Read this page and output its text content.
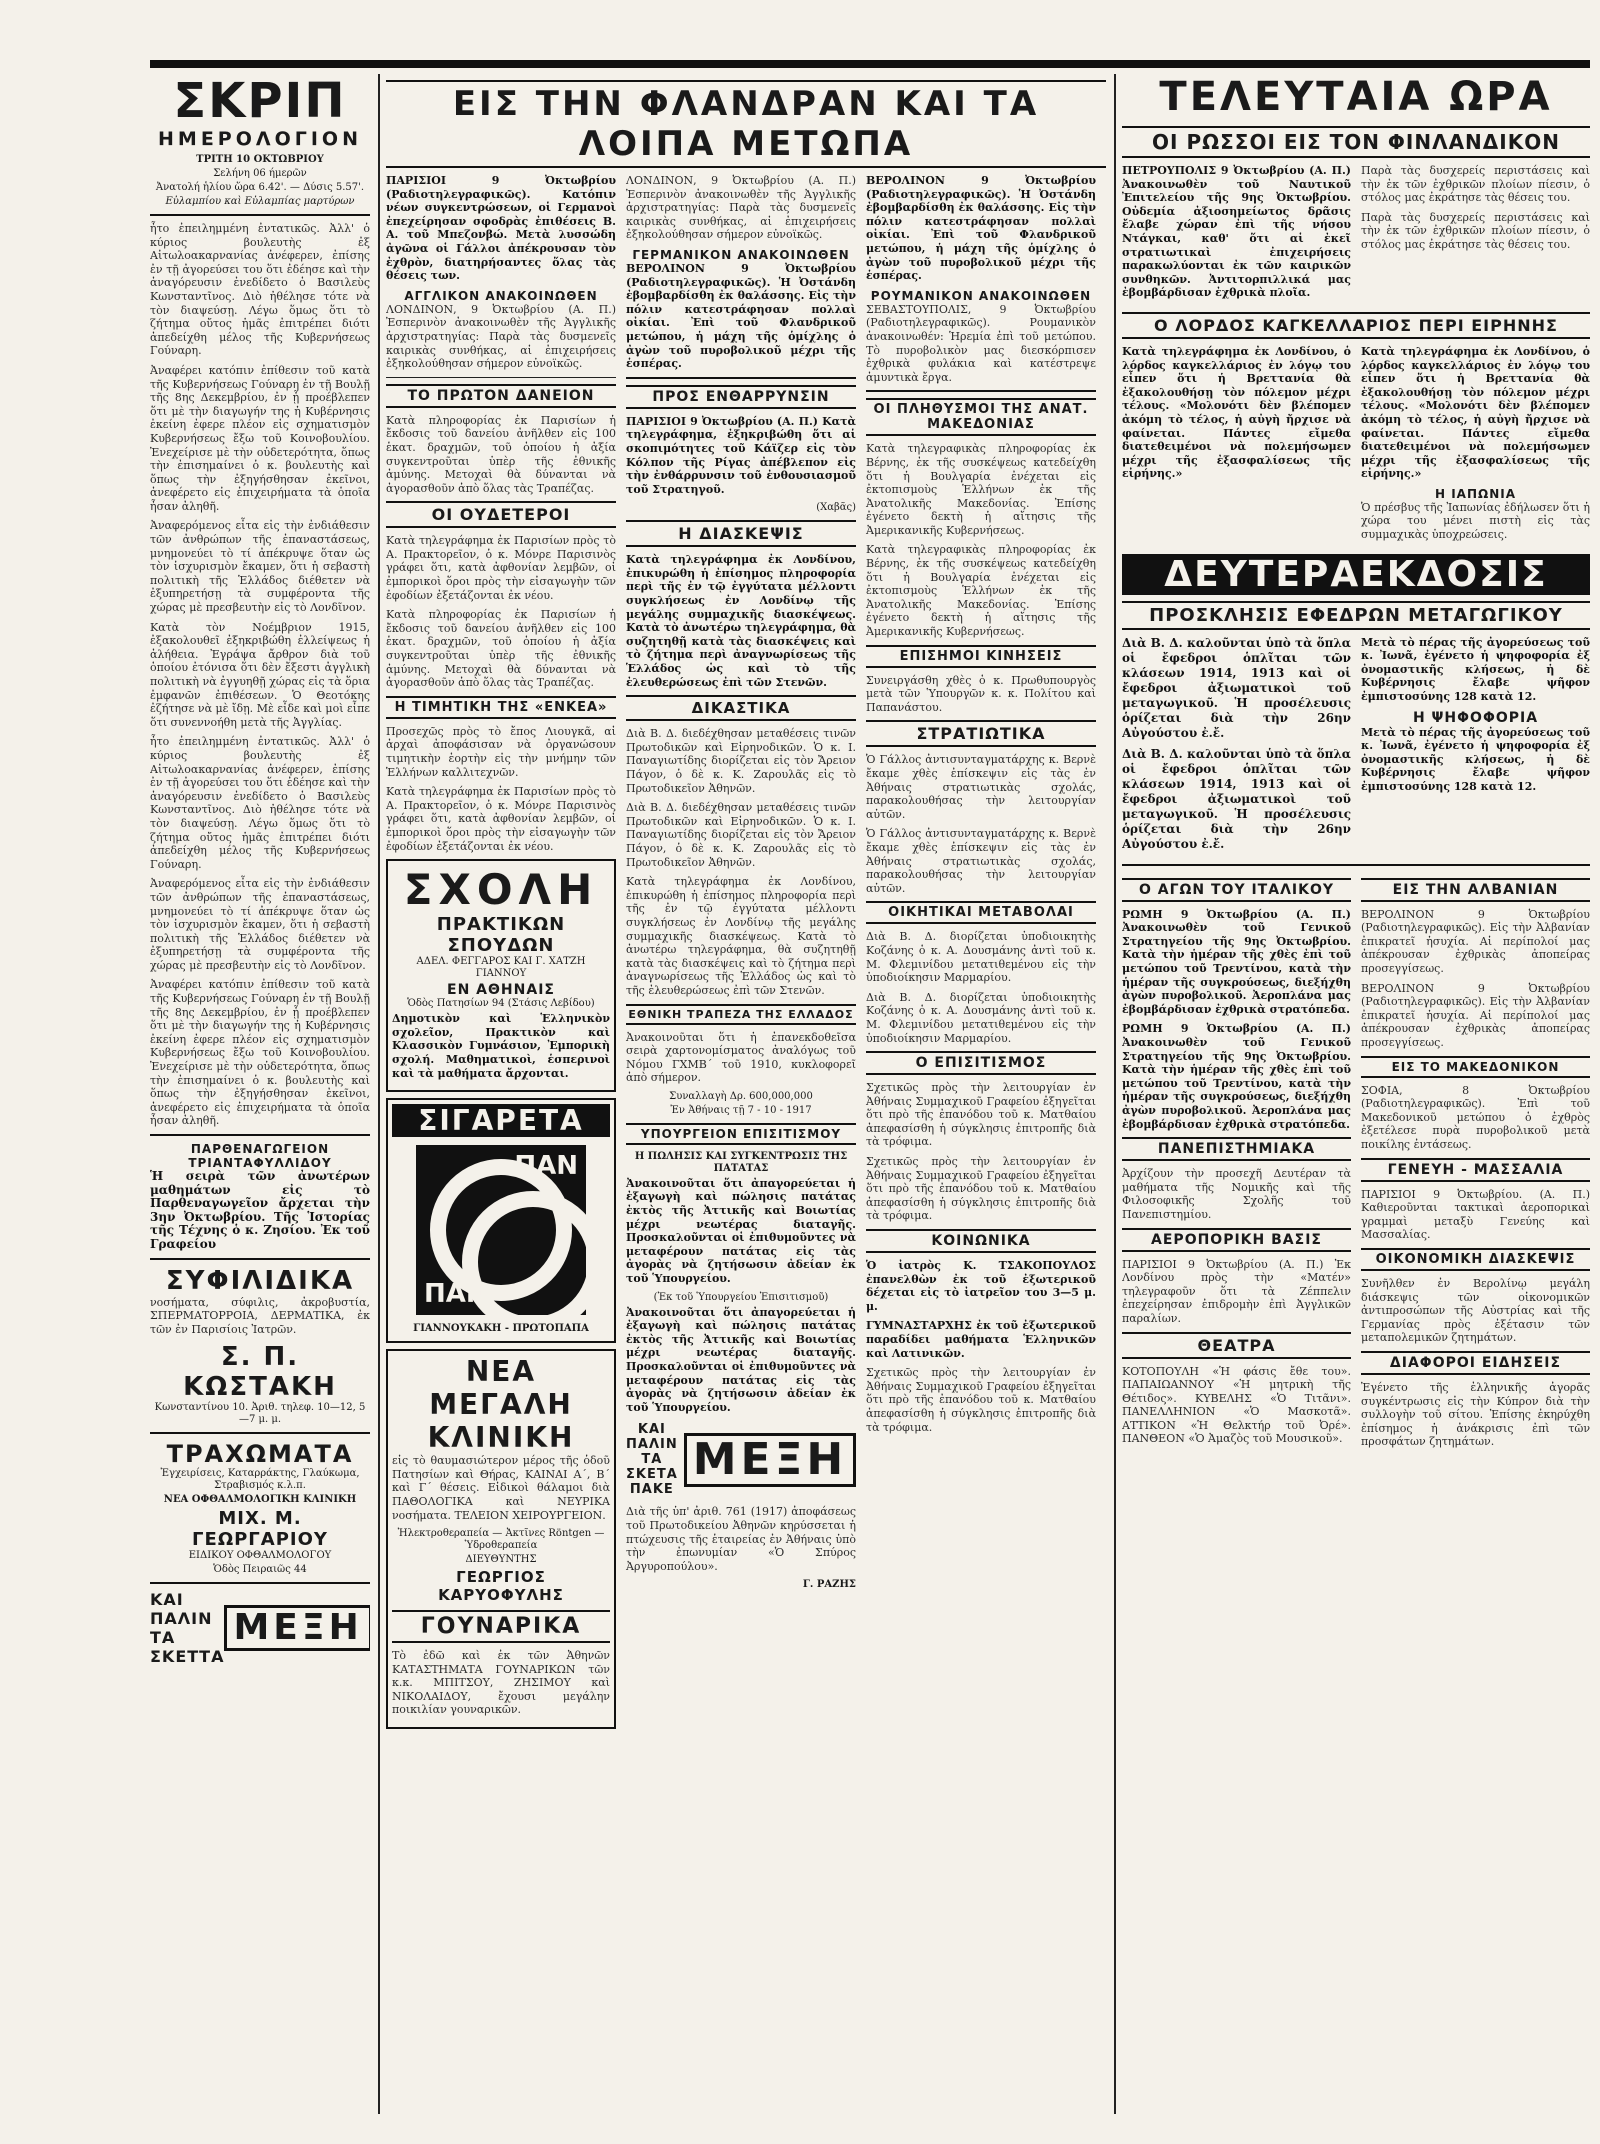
ΣΚΡΙΠ
ΗΜΕΡΟΛΟΓΙΟΝ
ΤΡΙΤΗ 10 ΟΚΤΩΒΡΙΟΥ
Σελήνη 06 ήμερῶν
Ἀνατολή ἡλίου ὥρα 6.42'. — Δύσις 5.57'.
Εὐλαμπίου καὶ Εὐλαμπίας μαρτύρων

ἦτο ἐπειλημμένη ἐντατικῶς. Ἀλλ' ὁ κύριος βουλευτὴς ἐξ Αἰτωλοακαρνανίας ἀνέφερεν, ἐπίσης ἐν τῇ ἀγορεύσει του ὅτι ἐδέησε καὶ τὴν ἀναγόρευσιν ἐνεδίδετο ὁ Βασιλεὺς Κωνσταντῖνος. Διὸ ἠθέλησε τότε νὰ τὸν διαψεύσῃ. Λέγω ὅμως ὅτι τὸ ζήτημα οὔτος ἡμᾶς ἐπιτρέπει διότι ἀπεδείχθη μέλος τῆς Κυβερνήσεως Γούναρη.

Ἀναφέρει κατόπιν ἐπίθεσιν τοῦ κατὰ τῆς Κυβερνήσεως Γούναρη ἐν τῇ Βουλῇ τῆς 8ης Δεκεμβρίου, ἐν ᾗ προέβλεπεν ὅτι μὲ τὴν διαγωγήν της ἡ Κυβέρνησις ἐκείνη ἐφερε πλέον εἰς σχηματισμὸν Κυβερνήσεως ἔξω τοῦ Κοινοβουλίου. Ἐνεχείρισε μὲ τὴν οὐδετερότητα, ὅπως τὴν ἐπισημαίνει ὁ κ. βουλευτὴς καὶ ὅπως τὴν ἐξηγήσθησαν ἐκεῖνοι, ἀνεφέρετο εἰς ἐπιχειρήματα τὰ ὁποῖα ἦσαν ἀληθῆ.

Ἀναφερόμενος εἶτα εἰς τὴν ἐνδιάθεσιν τῶν ἀνθρώπων τῆς ἐπαναστάσεως, μνημονεύει τὸ τί ἀπέκρυψε ὅταν ὡς τὸν ἰσχυρισμὸν ἔκαμεν, ὅτι ἡ σεβαστὴ πολιτικὴ τῆς Ἑλλάδος διέθετεν νὰ ἐξυπηρετήσῃ τὰ συμφέροντα τῆς χώρας μὲ πρεσβευτὴν εἰς τὸ Λονδῖνον.

Κατὰ τὸν Νοέμβριον 1915, ἐξακολουθεῖ ἐξηκριβώθη ἐλλείψεως ἡ ἀλήθεια. Ἐγράψα ἄρθρον διὰ τοῦ ὁποίου ἐτόνισα ὅτι δὲν ἔξεστι ἀγγλικὴ πολιτικὴ νὰ ἐγγυηθῇ χώρας εἰς τὰ ὅρια ἐμφανῶν ἐπιθέσεων. Ὁ Θεοτόκης ἐζήτησε νὰ μὲ ἴδῃ. Μὲ εἶδε καὶ μοὶ εἶπε ὅτι συνεννοήθη μετὰ τῆς Ἀγγλίας.

ἦτο ἐπειλημμένη ἐντατικῶς. Ἀλλ' ὁ κύριος βουλευτὴς ἐξ Αἰτωλοακαρνανίας ἀνέφερεν, ἐπίσης ἐν τῇ ἀγορεύσει του ὅτι ἐδέησε καὶ τὴν ἀναγόρευσιν ἐνεδίδετο ὁ Βασιλεὺς Κωνσταντῖνος. Διὸ ἠθέλησε τότε νὰ τὸν διαψεύσῃ. Λέγω ὅμως ὅτι τὸ ζήτημα οὔτος ἡμᾶς ἐπιτρέπει διότι ἀπεδείχθη μέλος τῆς Κυβερνήσεως Γούναρη.

Ἀναφερόμενος εἶτα εἰς τὴν ἐνδιάθεσιν τῶν ἀνθρώπων τῆς ἐπαναστάσεως, μνημονεύει τὸ τί ἀπέκρυψε ὅταν ὡς τὸν ἰσχυρισμὸν ἔκαμεν, ὅτι ἡ σεβαστὴ πολιτικὴ τῆς Ἑλλάδος διέθετεν νὰ ἐξυπηρετήσῃ τὰ συμφέροντα τῆς χώρας μὲ πρεσβευτὴν εἰς τὸ Λονδῖνον.

Ἀναφέρει κατόπιν ἐπίθεσιν τοῦ κατὰ τῆς Κυβερνήσεως Γούναρη ἐν τῇ Βουλῇ τῆς 8ης Δεκεμβρίου, ἐν ᾗ προέβλεπεν ὅτι μὲ τὴν διαγωγήν της ἡ Κυβέρνησις ἐκείνη ἐφερε πλέον εἰς σχηματισμὸν Κυβερνήσεως ἔξω τοῦ Κοινοβουλίου. Ἐνεχείρισε μὲ τὴν οὐδετερότητα, ὅπως τὴν ἐπισημαίνει ὁ κ. βουλευτὴς καὶ ὅπως τὴν ἐξηγήσθησαν ἐκεῖνοι, ἀνεφέρετο εἰς ἐπιχειρήματα τὰ ὁποῖα ἦσαν ἀληθῆ.

ΠΑΡΘΕΝΑΓΩΓΕΙΟΝ ΤΡΙΑΝΤΑΦΥΛΛΙΔΟΥ

Ἡ σειρὰ τῶν ἀνωτέρων μαθημάτων εἰς τὸ Παρθεναγωγεῖον ἄρχεται τὴν 3ην Ὀκτωβρίου. Τῆς Ἱστορίας τῆς Τέχνης ὁ κ. Ζησίου. Ἐκ τοῦ Γραφείου

ΣΥΦΙΛΙΔΙΚΑ

νοσήματα, σύφιλις, ἀκροβυστία, ΣΠΕΡΜΑΤΟΡΡΟΙΑ, ΔΕΡΜΑΤΙΚΑ, ἐκ τῶν ἐν Παρισίοις Ἰατρῶν.

Σ. Π. ΚΩΣΤΑΚΗ
Κωνσταντίνου 10. Ἀριθ. τηλεφ. 10—12, 5—7 μ. μ.
ΤΡΑΧΩΜΑΤΑ
Ἐγχειρίσεις, Καταρράκτης, Γλαύκωμα, Στραβισμός κ.λ.π.
ΝΕΑ ΟΦΘΑΛΜΟΛΟΓΙΚΗ ΚΛΙΝΙΚΗ
ΜΙΧ. Μ. ΓΕΩΡΓΑΡΙΟΥ
ΕΙΔΙΚΟΥ ΟΦΘΑΛΜΟΛΟΓΟΥ
Ὁδὸς Πειραιῶς 44
ΚΑΙ ΠΑΛΙΝ ΤΑ ΣΚΕΤΤΑ
ΜΕΞΗ
ΕΙΣ ΤΗΝ ΦΛΑΝΔΡΑΝ ΚΑΙ ΤΑ ΛΟΙΠΑ ΜΕΤΩΠΑ

ΠΑΡΙΣΙΟΙ 9 Ὀκτωβρίου (Ραδιοτηλεγραφικῶς). Κατόπιν νέων συγκεντρώσεων, οἱ Γερμανοὶ ἐπεχείρησαν σφοδρὰς ἐπιθέσεις Β. Α. τοῦ Μπεζονβώ. Μετὰ λυσσώδη ἀγῶνα οἱ Γάλλοι ἀπέκρουσαν τὸν ἐχθρὸν, διατηρήσαντες ὅλας τὰς θέσεις των.

ΑΓΓΛΙΚΟΝ ΑΝΑΚΟΙΝΩΘΕΝ

ΛΟΝΔΙΝΟΝ, 9 Ὀκτωβρίου (Α. Π.) Ἐσπερινὸν ἀνακοινωθὲν τῆς Ἀγγλικῆς ἀρχιστρατηγίας: Παρὰ τὰς δυσμενεῖς καιρικὰς συνθήκας, αἱ ἐπιχειρήσεις ἐξηκολούθησαν σήμερον εὐνοϊκῶς.

ΤΟ ΠΡΩΤΟΝ ΔΑΝΕΙΟΝ

Κατὰ πληροφορίας ἐκ Παρισίων ἡ ἔκδοσις τοῦ δανείου ἀνῆλθεν εἰς 100 ἑκατ. δραχμῶν, τοῦ ὁποίου ἡ ἀξία συγκεντροῦται ὑπὲρ τῆς ἐθνικῆς ἀμύνης. Μετοχαὶ θὰ δύνανται νὰ ἀγορασθοῦν ἀπὸ ὅλας τὰς Τραπέζας.

ΟΙ ΟΥΔΕΤΕΡΟΙ

Κατὰ τηλεγράφημα ἐκ Παρισίων πρὸς τὸ Α. Πρακτορεῖον, ὁ κ. Μόνρε Παρισινὸς γράφει ὅτι, κατὰ ἀφθονίαν λεμβῶν, οἱ ἐμπορικοὶ ὅροι πρὸς τὴν εἰσαγωγὴν τῶν ἐφοδίων ἐξετάζονται ἐκ νέου.

Κατὰ πληροφορίας ἐκ Παρισίων ἡ ἔκδοσις τοῦ δανείου ἀνῆλθεν εἰς 100 ἑκατ. δραχμῶν, τοῦ ὁποίου ἡ ἀξία συγκεντροῦται ὑπὲρ τῆς ἐθνικῆς ἀμύνης. Μετοχαὶ θὰ δύνανται νὰ ἀγορασθοῦν ἀπὸ ὅλας τὰς Τραπέζας.

Η ΤΙΜΗΤΙΚΗ ΤΗΣ «ΕΝΚΕΑ»

Προσεχῶς πρὸς τὸ ἔπος Λιουγκᾶ, αἱ ἀρχαὶ ἀποφάσισαν νὰ ὀργανώσουν τιμητικὴν ἑορτὴν εἰς τὴν μνήμην τῶν Ἑλλήνων καλλιτεχνῶν.

Κατὰ τηλεγράφημα ἐκ Παρισίων πρὸς τὸ Α. Πρακτορεῖον, ὁ κ. Μόνρε Παρισινὸς γράφει ὅτι, κατὰ ἀφθονίαν λεμβῶν, οἱ ἐμπορικοὶ ὅροι πρὸς τὴν εἰσαγωγὴν τῶν ἐφοδίων ἐξετάζονται ἐκ νέου.

ΣΧΟΛΗ
ΠΡΑΚΤΙΚΩΝ ΣΠΟΥΔΩΝ
ΑΔΕΛ. ΦΕΓΓΑΡΟΣ ΚΑΙ Γ. ΧΑΤΖΗ ΓΙΑΝΝΟΥ
ΕΝ ΑΘΗΝΑΙΣ
Ὁδὸς Πατησίων 94 (Στάσις Λεβίδου)

Δημοτικὸν καὶ Ἑλληνικὸν σχολεῖον, Πρακτικὸν καὶ Κλασσικὸν Γυμνάσιον, Ἐμπορικὴ σχολή. Μαθηματικοὶ, ἑσπερινοὶ καὶ τὰ μαθήματα ἄρχονται.

ΣΙΓΑΡΕΤΑ
ΠΑΝ
ΠΑΝ
ΓΙΑΝΝΟΥΚΑΚΗ - ΠΡΩΤΟΠΑΠΑ
ΝΕΑ ΜΕΓΑΛΗ ΚΛΙΝΙΚΗ

εἰς τὸ θαυμασιώτερον μέρος τῆς ὁδοῦ Πατησίων καὶ Θήρας, ΚΑΙΝΑΙ Α΄, Β΄ καὶ Γ΄ θέσεις. Εἰδικοὶ θάλαμοι διὰ ΠΑΘΟΛΟΓΙΚΑ καὶ ΝΕΥΡΙΚΑ νοσήματα. ΤΕΛΕΙΟΝ ΧΕΙΡΟΥΡΓΕΙΟΝ.

Ἠλεκτροθεραπεία — Ἀκτῖνες Röntgen — Ὑδροθεραπεία
ΔΙΕΥΘΥΝΤΗΣ
ΓΕΩΡΓΙΟΣ ΚΑΡΥΟΦΥΛΗΣ
ΓΟΥΝΑΡΙΚΑ

Τὸ ἐδῶ καὶ ἐκ τῶν Ἀθηνῶν ΚΑΤΑΣΤΗΜΑΤΑ ΓΟΥΝΑΡΙΚΩΝ τῶν κ.κ. ΜΠΙΤΣΟΥ, ΖΗΣΙΜΟΥ καὶ ΝΙΚΟΛΑΙΔΟΥ, ἔχουσι μεγάλην ποικιλίαν γουναρικῶν.

ΛΟΝΔΙΝΟΝ, 9 Ὀκτωβρίου (Α. Π.) Ἐσπερινὸν ἀνακοινωθὲν τῆς Ἀγγλικῆς ἀρχιστρατηγίας: Παρὰ τὰς δυσμενεῖς καιρικὰς συνθήκας, αἱ ἐπιχειρήσεις ἐξηκολούθησαν σήμερον εὐνοϊκῶς.

ΓΕΡΜΑΝΙΚΟΝ ΑΝΑΚΟΙΝΩΘΕΝ

ΒΕΡΟΛΙΝΟΝ 9 Ὀκτωβρίου (Ραδιοτηλεγραφικῶς). Ἡ Ὀστάνδη ἐβομβαρδίσθη ἐκ θαλάσσης. Εἰς τὴν πόλιν κατεστράφησαν πολλαὶ οἰκίαι. Ἐπὶ τοῦ Φλανδρικοῦ μετώπου, ἡ μάχη τῆς ὁμίχλης ὁ ἀγὼν τοῦ πυροβολικοῦ μέχρι τῆς ἑσπέρας.

ΠΡΟΣ ΕΝΘΑΡΡΥΝΣΙΝ

ΠΑΡΙΣΙΟΙ 9 Ὀκτωβρίου (Α. Π.) Κατὰ τηλεγράφημα, ἐξηκριβώθη ὅτι αἱ σκοπιμότητες τοῦ Κάϊζερ εἰς τὸν Κόλπον τῆς Ρίγας ἀπέβλεπον εἰς τὴν ἐνθάρρυνσιν τοῦ ἐνθουσιασμοῦ τοῦ Στρατηγοῦ.

(Χαβᾶς)
Η ΔΙΑΣΚΕΨΙΣ

Κατὰ τηλεγράφημα ἐκ Λονδίνου, ἐπικυρώθη ἡ ἐπίσημος πληροφορία περὶ τῆς ἐν τῷ ἐγγύτατα μέλλοντι συγκλήσεως ἐν Λονδίνῳ τῆς μεγάλης συμμαχικῆς διασκέψεως. Κατὰ τὸ ἀνωτέρω τηλεγράφημα, θὰ συζητηθῇ κατὰ τὰς διασκέψεις καὶ τὸ ζήτημα περὶ ἀναγνωρίσεως τῆς Ἑλλάδος ὡς καὶ τὸ τῆς ἐλευθερώσεως ἐπὶ τῶν Στενῶν.

ΔΙΚΑΣΤΙΚΑ

Διὰ Β. Δ. διεδέχθησαν μεταθέσεις τινῶν Πρωτοδικῶν καὶ Εἰρηνοδικῶν. Ὁ κ. Ι. Παναγιωτίδης διορίζεται εἰς τὸν Ἄρειον Πάγον, ὁ δὲ κ. Κ. Ζαρουλᾶς εἰς τὸ Πρωτοδικεῖον Ἀθηνῶν.

Διὰ Β. Δ. διεδέχθησαν μεταθέσεις τινῶν Πρωτοδικῶν καὶ Εἰρηνοδικῶν. Ὁ κ. Ι. Παναγιωτίδης διορίζεται εἰς τὸν Ἄρειον Πάγον, ὁ δὲ κ. Κ. Ζαρουλᾶς εἰς τὸ Πρωτοδικεῖον Ἀθηνῶν.

Κατὰ τηλεγράφημα ἐκ Λονδίνου, ἐπικυρώθη ἡ ἐπίσημος πληροφορία περὶ τῆς ἐν τῷ ἐγγύτατα μέλλοντι συγκλήσεως ἐν Λονδίνῳ τῆς μεγάλης συμμαχικῆς διασκέψεως. Κατὰ τὸ ἀνωτέρω τηλεγράφημα, θὰ συζητηθῇ κατὰ τὰς διασκέψεις καὶ τὸ ζήτημα περὶ ἀναγνωρίσεως τῆς Ἑλλάδος ὡς καὶ τὸ τῆς ἐλευθερώσεως ἐπὶ τῶν Στενῶν.

ΕΘΝΙΚΗ ΤΡΑΠΕΖΑ ΤΗΣ ΕΛΛΑΔΟΣ

Ἀνακοινοῦται ὅτι ἡ ἐπανεκδοθεῖσα σειρὰ χαρτονομίσματος ἀναλόγως τοῦ Νόμου ΓΧΜΒ΄ τοῦ 1910, κυκλοφορεῖ ἀπὸ σήμερον.

Συναλλαγὴ Δρ. 600,000,000
Ἐν Ἀθήναις τῇ 7 - 10 - 1917
ΥΠΟΥΡΓΕΙΟΝ ΕΠΙΣΙΤΙΣΜΟΥ
Η ΠΩΛΗΣΙΣ ΚΑΙ ΣΥΓΚΕΝΤΡΩΣΙΣ ΤΗΣ ΠΑΤΑΤΑΣ

Ἀνακοινοῦται ὅτι ἀπαγορεύεται ἡ ἐξαγωγὴ καὶ πώλησις πατάτας ἐκτὸς τῆς Ἀττικῆς καὶ Βοιωτίας μέχρι νεωτέρας διαταγῆς. Προσκαλοῦνται οἱ ἐπιθυμοῦντες νὰ μεταφέρουν πατάτας εἰς τὰς ἀγορὰς νὰ ζητήσωσιν ἀδείαν ἐκ τοῦ Ὑπουργείου.

(Ἐκ τοῦ Ὑπουργείου Ἐπισιτισμοῦ)

Ἀνακοινοῦται ὅτι ἀπαγορεύεται ἡ ἐξαγωγὴ καὶ πώλησις πατάτας ἐκτὸς τῆς Ἀττικῆς καὶ Βοιωτίας μέχρι νεωτέρας διαταγῆς. Προσκαλοῦνται οἱ ἐπιθυμοῦντες νὰ μεταφέρουν πατάτας εἰς τὰς ἀγορὰς νὰ ζητήσωσιν ἀδείαν ἐκ τοῦ Ὑπουργείου.

ΚΑΙ ΠΑΛΙΝ ΤΑ ΣΚΕΤΑ ΠΑΚΕ
ΜΕΞΗ

Διὰ τῆς ὑπ' ἀριθ. 761 (1917) ἀποφάσεως τοῦ Πρωτοδικείου Ἀθηνῶν κηρύσσεται ἡ πτώχευσις τῆς ἑταιρείας ἐν Ἀθήναις ὑπὸ τὴν ἐπωνυμίαν «Ὁ Σπύρος Ἀργυροπούλου».

Γ. ΡΑΖΗΣ

ΒΕΡΟΛΙΝΟΝ 9 Ὀκτωβρίου (Ραδιοτηλεγραφικῶς). Ἡ Ὀστάνδη ἐβομβαρδίσθη ἐκ θαλάσσης. Εἰς τὴν πόλιν κατεστράφησαν πολλαὶ οἰκίαι. Ἐπὶ τοῦ Φλανδρικοῦ μετώπου, ἡ μάχη τῆς ὁμίχλης ὁ ἀγὼν τοῦ πυροβολικοῦ μέχρι τῆς ἑσπέρας.

ΡΟΥΜΑΝΙΚΟΝ ΑΝΑΚΟΙΝΩΘΕΝ

ΣΕΒΑΣΤΟΥΠΟΛΙΣ, 9 Ὀκτωβρίου (Ραδιοτηλεγραφικῶς). Ρουμανικὸν ἀνακοινωθέν: Ἡρεμία ἐπὶ τοῦ μετώπου. Τὸ πυροβολικὸν μας διεσκόρπισεν ἐχθρικὰ φυλάκια καὶ κατέστρεψε ἀμυντικὰ ἔργα.

ΟΙ ΠΛΗΘΥΣΜΟΙ ΤΗΣ ΑΝΑΤ. ΜΑΚΕΔΟΝΙΑΣ

Κατὰ τηλεγραφικὰς πληροφορίας ἐκ Βέρνης, ἐκ τῆς συσκέψεως κατεδείχθη ὅτι ἡ Βουλγαρία ἐνέχεται εἰς ἐκτοπισμοὺς Ἑλλήνων ἐκ τῆς Ἀνατολικῆς Μακεδονίας. Ἐπίσης ἐγένετο δεκτὴ ἡ αἴτησις τῆς Ἀμερικανικῆς Κυβερνήσεως.

Κατὰ τηλεγραφικὰς πληροφορίας ἐκ Βέρνης, ἐκ τῆς συσκέψεως κατεδείχθη ὅτι ἡ Βουλγαρία ἐνέχεται εἰς ἐκτοπισμοὺς Ἑλλήνων ἐκ τῆς Ἀνατολικῆς Μακεδονίας. Ἐπίσης ἐγένετο δεκτὴ ἡ αἴτησις τῆς Ἀμερικανικῆς Κυβερνήσεως.

ΕΠΙΣΗΜΟΙ ΚΙΝΗΣΕΙΣ

Συνειργάσθη χθὲς ὁ κ. Πρωθυπουργὸς μετὰ τῶν Ὑπουργῶν κ. κ. Πολίτου καὶ Παπανάστου.

ΣΤΡΑΤΙΩΤΙΚΑ

Ὁ Γάλλος ἀντισυνταγματάρχης κ. Βερνὲ ἔκαμε χθὲς ἐπίσκεψιν εἰς τὰς ἐν Ἀθήναις στρατιωτικὰς σχολάς, παρακολουθήσας τὴν λειτουργίαν αὐτῶν.

Ὁ Γάλλος ἀντισυνταγματάρχης κ. Βερνὲ ἔκαμε χθὲς ἐπίσκεψιν εἰς τὰς ἐν Ἀθήναις στρατιωτικὰς σχολάς, παρακολουθήσας τὴν λειτουργίαν αὐτῶν.

ΟΙΚΗΤΙΚΑΙ ΜΕΤΑΒΟΛΑΙ

Διὰ Β. Δ. διορίζεται ὑποδιοικητὴς Κοζάνης ὁ κ. Α. Δουσμάνης ἀντὶ τοῦ κ. Μ. Φλεμινίδου μετατιθεμένου εἰς τὴν ὑποδιοίκησιν Μαρμαρίου.

Διὰ Β. Δ. διορίζεται ὑποδιοικητὴς Κοζάνης ὁ κ. Α. Δουσμάνης ἀντὶ τοῦ κ. Μ. Φλεμινίδου μετατιθεμένου εἰς τὴν ὑποδιοίκησιν Μαρμαρίου.

Ο ΕΠΙΣΙΤΙΣΜΟΣ

Σχετικῶς πρὸς τὴν λειτουργίαν ἐν Ἀθήναις Συμμαχικοῦ Γραφείου ἐξηγεῖται ὅτι πρὸ τῆς ἐπανόδου τοῦ κ. Ματθαίου ἀπεφασίσθη ἡ σύγκλησις ἐπιτροπῆς διὰ τὰ τρόφιμα.

Σχετικῶς πρὸς τὴν λειτουργίαν ἐν Ἀθήναις Συμμαχικοῦ Γραφείου ἐξηγεῖται ὅτι πρὸ τῆς ἐπανόδου τοῦ κ. Ματθαίου ἀπεφασίσθη ἡ σύγκλησις ἐπιτροπῆς διὰ τὰ τρόφιμα.

ΚΟΙΝΩΝΙΚΑ

Ὁ ἰατρὸς Κ. ΤΣΑΚΟΠΟΥΛΟΣ ἐπανελθὼν ἐκ τοῦ ἐξωτερικοῦ δέχεται εἰς τὸ ἰατρεῖον του 3—5 μ. μ.

ΓΥΜΝΑΣΤΑΡΧΗΣ ἐκ τοῦ ἐξωτερικοῦ παραδίδει μαθήματα Ἑλληνικῶν καὶ Λατινικῶν.

Σχετικῶς πρὸς τὴν λειτουργίαν ἐν Ἀθήναις Συμμαχικοῦ Γραφείου ἐξηγεῖται ὅτι πρὸ τῆς ἐπανόδου τοῦ κ. Ματθαίου ἀπεφασίσθη ἡ σύγκλησις ἐπιτροπῆς διὰ τὰ τρόφιμα.

ΤΕΛΕΥΤΑΙΑ ΩΡΑ
ΟΙ ΡΩΣΣΟΙ ΕΙΣ ΤΟΝ ΦΙΝΛΑΝΔΙΚΟΝ

ΠΕΤΡΟΥΠΟΛΙΣ 9 Ὀκτωβρίου (Α. Π.) Ἀνακοινωθὲν τοῦ Ναυτικοῦ Ἐπιτελείου τῆς 9ης Ὀκτωβρίου. Οὐδεμία ἀξιοσημείωτος δρᾶσις ἔλαβε χώραν ἐπὶ τῆς νήσου Ντάγκαι, καθ' ὅτι αἱ ἐκεῖ στρατιωτικαὶ ἐπιχειρήσεις παρακωλύονται ἐκ τῶν καιρικῶν συνθηκῶν. Ἀντιτορπιλλικά μας ἐβομβάρδισαν ἐχθρικὰ πλοῖα.

Παρὰ τὰς δυσχερείς περιστάσεις καὶ τὴν ἐκ τῶν ἐχθρικῶν πλοίων πίεσιν, ὁ στόλος μας ἐκράτησε τὰς θέσεις του.

Παρὰ τὰς δυσχερείς περιστάσεις καὶ τὴν ἐκ τῶν ἐχθρικῶν πλοίων πίεσιν, ὁ στόλος μας ἐκράτησε τὰς θέσεις του.

Ο ΛΟΡΔΟΣ ΚΑΓΚΕΛΛΑΡΙΟΣ ΠΕΡΙ ΕΙΡΗΝΗΣ

Κατὰ τηλεγράφημα ἐκ Λονδίνου, ὁ λόρδος καγκελλάριος ἐν λόγῳ του εἶπεν ὅτι ἡ Βρεττανία θὰ ἐξακολουθήσῃ τὸν πόλεμον μέχρι τέλους. «Μολονότι δὲν βλέπομεν ἀκόμη τὸ τέλος, ἡ αὐγὴ ἤρχισε νὰ φαίνεται. Πάντες εἴμεθα διατεθειμένοι νὰ πολεμήσωμεν μέχρι τῆς ἐξασφαλίσεως τῆς εἰρήνης.»

Κατὰ τηλεγράφημα ἐκ Λονδίνου, ὁ λόρδος καγκελλάριος ἐν λόγῳ του εἶπεν ὅτι ἡ Βρεττανία θὰ ἐξακολουθήσῃ τὸν πόλεμον μέχρι τέλους. «Μολονότι δὲν βλέπομεν ἀκόμη τὸ τέλος, ἡ αὐγὴ ἤρχισε νὰ φαίνεται. Πάντες εἴμεθα διατεθειμένοι νὰ πολεμήσωμεν μέχρι τῆς ἐξασφαλίσεως τῆς εἰρήνης.»

Η ΙΑΠΩΝΙΑ

Ὁ πρέσβυς τῆς Ἰαπωνίας ἐδήλωσεν ὅτι ἡ χώρα του μένει πιστὴ εἰς τὰς συμμαχικὰς ὑποχρεώσεις.

ΔΕΥΤΕΡΑΕΚΔΟΣΙΣ
ΠΡΟΣΚΛΗΣΙΣ ΕΦΕΔΡΩΝ ΜΕΤΑΓΩΓΙΚΟΥ

Διὰ Β. Δ. καλοῦνται ὑπὸ τὰ ὅπλα οἱ ἔφεδροι ὁπλῖται τῶν κλάσεων 1914, 1913 καὶ οἱ ἔφεδροι ἀξιωματικοὶ τοῦ μεταγωγικοῦ. Ἡ προσέλευσις ὁρίζεται διὰ τὴν 26ην Αὐγούστου ἐ.ἔ.

Διὰ Β. Δ. καλοῦνται ὑπὸ τὰ ὅπλα οἱ ἔφεδροι ὁπλῖται τῶν κλάσεων 1914, 1913 καὶ οἱ ἔφεδροι ἀξιωματικοὶ τοῦ μεταγωγικοῦ. Ἡ προσέλευσις ὁρίζεται διὰ τὴν 26ην Αὐγούστου ἐ.ἔ.

Μετὰ τὸ πέρας τῆς ἀγορεύσεως τοῦ κ. Ἰωνᾶ, ἐγένετο ἡ ψηφοφορία ἐξ ὀνομαστικῆς κλήσεως, ἡ δὲ Κυβέρνησις ἔλαβε ψῆφον ἐμπιστοσύνης 128 κατὰ 12.

Η ΨΗΦΟΦΟΡΙΑ

Μετὰ τὸ πέρας τῆς ἀγορεύσεως τοῦ κ. Ἰωνᾶ, ἐγένετο ἡ ψηφοφορία ἐξ ὀνομαστικῆς κλήσεως, ἡ δὲ Κυβέρνησις ἔλαβε ψῆφον ἐμπιστοσύνης 128 κατὰ 12.

Ο ΑΓΩΝ ΤΟΥ ΙΤΑΛΙΚΟΥ

ΡΩΜΗ 9 Ὀκτωβρίου (Α. Π.) Ἀνακοινωθὲν τοῦ Γενικοῦ Στρατηγείου τῆς 9ης Ὀκτωβρίου. Κατὰ τὴν ἡμέραν τῆς χθὲς ἐπὶ τοῦ μετώπου τοῦ Τρεντίνου, κατὰ τὴν ἡμέραν τῆς συγκρούσεως, διεξήχθη ἀγὼν πυροβολικοῦ. Ἀεροπλάνα μας ἐβομβάρδισαν ἐχθρικὰ στρατόπεδα.

ΡΩΜΗ 9 Ὀκτωβρίου (Α. Π.) Ἀνακοινωθὲν τοῦ Γενικοῦ Στρατηγείου τῆς 9ης Ὀκτωβρίου. Κατὰ τὴν ἡμέραν τῆς χθὲς ἐπὶ τοῦ μετώπου τοῦ Τρεντίνου, κατὰ τὴν ἡμέραν τῆς συγκρούσεως, διεξήχθη ἀγὼν πυροβολικοῦ. Ἀεροπλάνα μας ἐβομβάρδισαν ἐχθρικὰ στρατόπεδα.

ΠΑΝΕΠΙΣΤΗΜΙΑΚΑ

Ἀρχίζουν τὴν προσεχῆ Δευτέραν τὰ μαθήματα τῆς Νομικῆς καὶ τῆς Φιλοσοφικῆς Σχολῆς τοῦ Πανεπιστημίου.

ΑΕΡΟΠΟΡΙΚΗ ΒΑΣΙΣ

ΠΑΡΙΣΙΟΙ 9 Ὀκτωβρίου (Α. Π.) Ἐκ Λονδίνου πρὸς τὴν «Ματέν» τηλεγραφοῦν ὅτι τὰ Ζέππελιν ἐπεχείρησαν ἐπιδρομὴν ἐπὶ Ἀγγλικῶν παραλίων.

ΘΕΑΤΡΑ

ΚΟΤΟΠΟΥΛΗ «Ἡ φάσις ἔθε του». ΠΑΠΑΙΩΑΝΝΟΥ «Ἡ μητρικὴ τῆς Θέτιδος». ΚΥΒΕΛΗΣ «Ὁ Τιτᾶνι». ΠΑΝΕΛΛΗΝΙΟΝ «Ὁ Μασκοτᾶ». ΑΤΤΙΚΟΝ «Ἡ Θελκτήρ τοῦ Ὀρέ». ΠΑΝΘΕΟΝ «Ὁ Ἀμαζὸς τοῦ Μουσικοῦ».

ΕΙΣ ΤΗΝ ΑΛΒΑΝΙΑΝ

ΒΕΡΟΛΙΝΟΝ 9 Ὀκτωβρίου (Ραδιοτηλεγραφικῶς). Εἰς τὴν Ἀλβανίαν ἐπικρατεῖ ἡσυχία. Αἱ περίπολοί μας ἀπέκρουσαν ἐχθρικὰς ἀποπείρας προσεγγίσεως.

ΒΕΡΟΛΙΝΟΝ 9 Ὀκτωβρίου (Ραδιοτηλεγραφικῶς). Εἰς τὴν Ἀλβανίαν ἐπικρατεῖ ἡσυχία. Αἱ περίπολοί μας ἀπέκρουσαν ἐχθρικὰς ἀποπείρας προσεγγίσεως.

ΕΙΣ ΤΟ ΜΑΚΕΔΟΝΙΚΟΝ

ΣΟΦΙΑ, 8 Ὀκτωβρίου (Ραδιοτηλεγραφικῶς). Ἐπὶ τοῦ Μακεδονικοῦ μετώπου ὁ ἐχθρὸς ἐξετέλεσε πυρὰ πυροβολικοῦ μετὰ ποικίλης ἐντάσεως.

ΓΕΝΕΥΗ - ΜΑΣΣΑΛΙΑ

ΠΑΡΙΣΙΟΙ 9 Ὀκτωβρίου. (Α. Π.) Καθιεροῦνται τακτικαὶ ἀεροπορικαὶ γραμμαὶ μεταξὺ Γενεύης καὶ Μασσαλίας.

ΟΙΚΟΝΟΜΙΚΗ ΔΙΑΣΚΕΨΙΣ

Συνῆλθεν ἐν Βερολίνῳ μεγάλη διάσκεψις τῶν οἰκονομικῶν ἀντιπροσώπων τῆς Αὐστρίας καὶ τῆς Γερμανίας πρὸς ἐξέτασιν τῶν μεταπολεμικῶν ζητημάτων.

ΔΙΑΦΟΡΟΙ ΕΙΔΗΣΕΙΣ

Ἐγένετο τῆς ἐλληνικῆς ἀγορᾶς συγκέντρωσις εἰς τὴν Κύπρον διὰ τὴν συλλογὴν τοῦ σίτου. Ἐπίσης ἐκηρύχθη ἐπίσημος ἡ ἀνάκρισις ἐπὶ τῶν προσφάτων ζητημάτων.
